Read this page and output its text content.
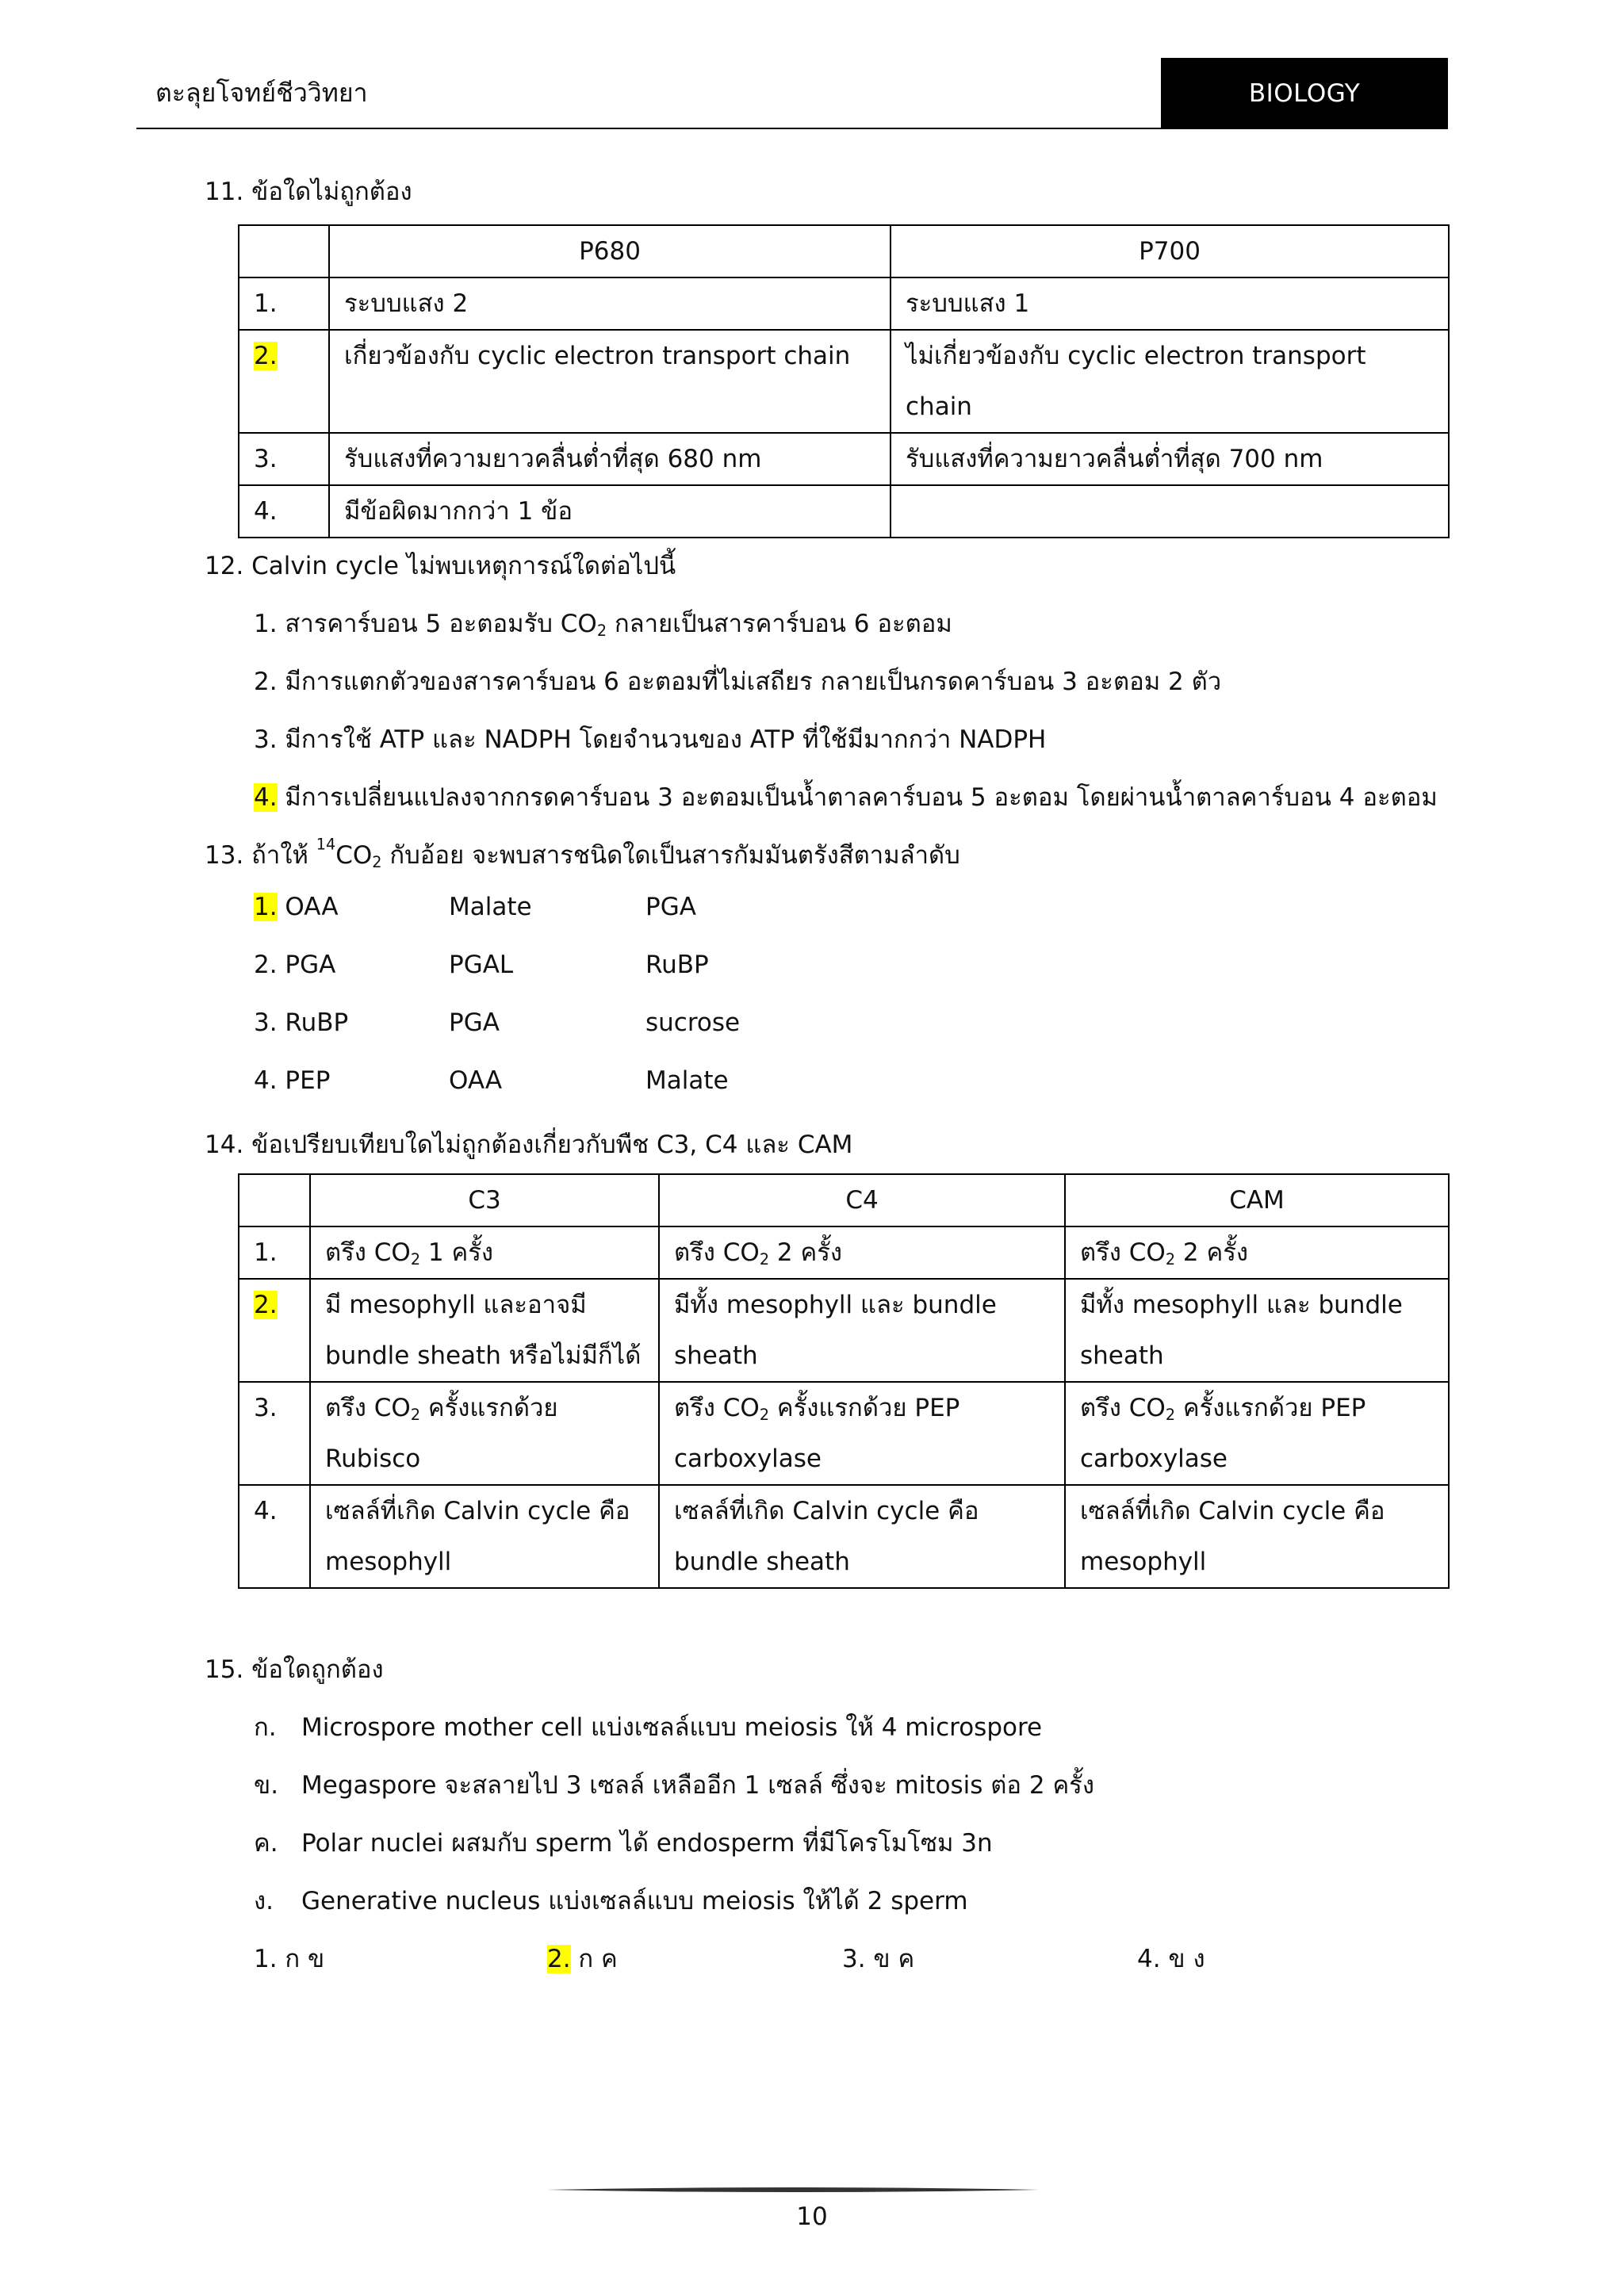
ตะลุยโจทย์ชีววิทยา	BIOLOGY
11. ข้อใดไม่ถูกต้อง
	P680	P700
1.	ระบบแสง 2	ระบบแสง 1
2.	เกี่ยวข้องกับ cyclic electron transport chain	ไม่เกี่ยวข้องกับ cyclic electron transport chain
3.	รับแสงที่ความยาวคลื่นต่ำที่สุด 680 nm	รับแสงที่ความยาวคลื่นต่ำที่สุด 700 nm
4.	มีข้อผิดมากกว่า 1 ข้อ	
12. Calvin cycle ไม่พบเหตุการณ์ใดต่อไปนี้
1. สารคาร์บอน 5 อะตอมรับ $CO_2$ กลายเป็นสารคาร์บอน 6 อะตอม
2. มีการแตกตัวของสารคาร์บอน 6 อะตอมที่ไม่เสถียร กลายเป็นกรดคาร์บอน 3 อะตอม 2 ตัว
3. มีการใช้ ATP และ NADPH โดยจำนวนของ ATP ที่ใช้มีมากกว่า NADPH
4. มีการเปลี่ยนแปลงจากกรดคาร์บอน 3 อะตอมเป็นน้ำตาลคาร์บอน 5 อะตอม โดยผ่านน้ำตาลคาร์บอน 4 อะตอม
13. ถ้าให้ $^{14}CO_2$ กับอ้อย จะพบสารชนิดใดเป็นสารกัมมันตรังสีตามลำดับ
1. OAA	Malate	PGA
2. PGA	PGAL	RuBP
3. RuBP	PGA	sucrose
4. PEP	OAA	Malate
14. ข้อเปรียบเทียบใดไม่ถูกต้องเกี่ยวกับพืช C3, C4 และ CAM
	C3	C4	CAM
1.	ตรึง $CO_2$ 1 ครั้ง	ตรึง $CO_2$ 2 ครั้ง	ตรึง $CO_2$ 2 ครั้ง
2.	มี mesophyll และอาจมี bundle sheath หรือไม่มีก็ได้	มีทั้ง mesophyll และ bundle sheath	มีทั้ง mesophyll และ bundle sheath
3.	ตรึง $CO_2$ ครั้งแรกด้วย Rubisco	ตรึง $CO_2$ ครั้งแรกด้วย PEP carboxylase	ตรึง $CO_2$ ครั้งแรกด้วย PEP carboxylase
4.	เซลล์ที่เกิด Calvin cycle คือ mesophyll	เซลล์ที่เกิด Calvin cycle คือ bundle sheath	เซลล์ที่เกิด Calvin cycle คือ mesophyll
15. ข้อใดถูกต้อง
ก. Microspore mother cell แบ่งเซลล์แบบ meiosis ให้ 4 microspore
ข. Megaspore จะสลายไป 3 เซลล์ เหลืออีก 1 เซลล์ ซึ่งจะ mitosis ต่อ 2 ครั้ง
ค. Polar nuclei ผสมกับ sperm ได้ endosperm ที่มีโครโมโซม 3n
ง. Generative nucleus แบ่งเซลล์แบบ meiosis ให้ได้ 2 sperm
1. ก ข	2. ก ค	3. ข ค	4. ข ง
10
